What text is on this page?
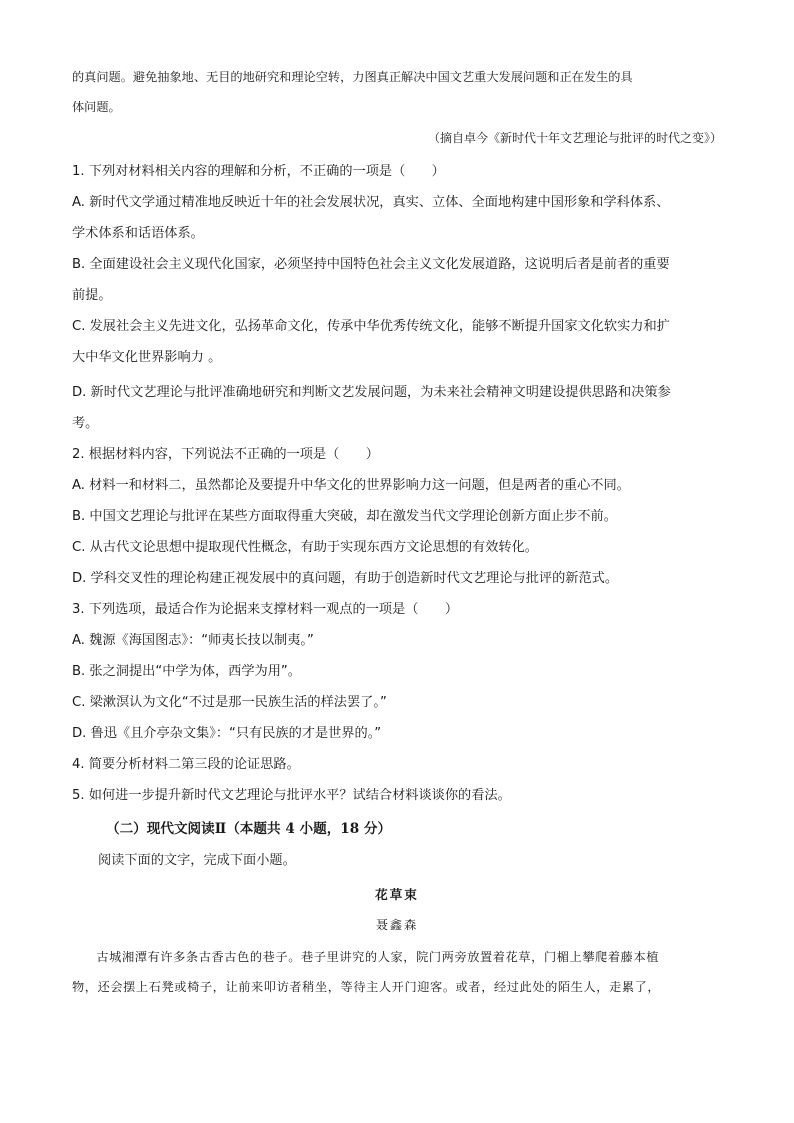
的真问题。避免抽象地、无目的地研究和理论空转，力图真正解决中国文艺重大发展问题和正在发生的具

体问题。

（摘自卓今《新时代十年文艺理论与批评的时代之变》）

1. 下列对材料相关内容的理解和分析，不正确的一项是（　　）

A. 新时代文学通过精准地反映近十年的社会发展状况，真实、立体、全面地构建中国形象和学科体系、

学术体系和话语体系。

B. 全面建设社会主义现代化国家，必须坚持中国特色社会主义文化发展道路，这说明后者是前者的重要

前提。

C. 发展社会主义先进文化，弘扬革命文化，传承中华优秀传统文化，能够不断提升国家文化软实力和扩

大中华文化世界影响力 。

D. 新时代文艺理论与批评准确地研究和判断文艺发展问题，为未来社会精神文明建设提供思路和决策参

考。

2. 根据材料内容，下列说法不正确的一项是（　　）

A. 材料一和材料二，虽然都论及要提升中华文化的世界影响力这一问题，但是两者的重心不同。

B. 中国文艺理论与批评在某些方面取得重大突破，却在激发当代文学理论创新方面止步不前。

C. 从古代文论思想中提取现代性概念，有助于实现东西方文论思想的有效转化。

D. 学科交叉性的理论构建正视发展中的真问题，有助于创造新时代文艺理论与批评的新范式。

3. 下列选项，最适合作为论据来支撑材料一观点的一项是（　　）

A. 魏源《海国图志》：“师夷长技以制夷。”

B. 张之洞提出“中学为体，西学为用”。

C. 梁漱溟认为文化“不过是那一民族生活的样法罢了。”

D. 鲁迅《且介亭杂文集》：“只有民族的才是世界的。”

4. 简要分析材料二第三段的论证思路。

5. 如何进一步提升新时代文艺理论与批评水平？试结合材料谈谈你的看法。

（二）现代文阅读Ⅱ（本题共 4 小题，18 分）

阅读下面的文字，完成下面小题。

花草束

聂鑫森

古城湘潭有许多条古香古色的巷子。巷子里讲究的人家，院门两旁放置着花草，门楣上攀爬着藤本植

物，还会摆上石凳或椅子，让前来叩访者稍坐，等待主人开门迎客。或者，经过此处的陌生人，走累了，
